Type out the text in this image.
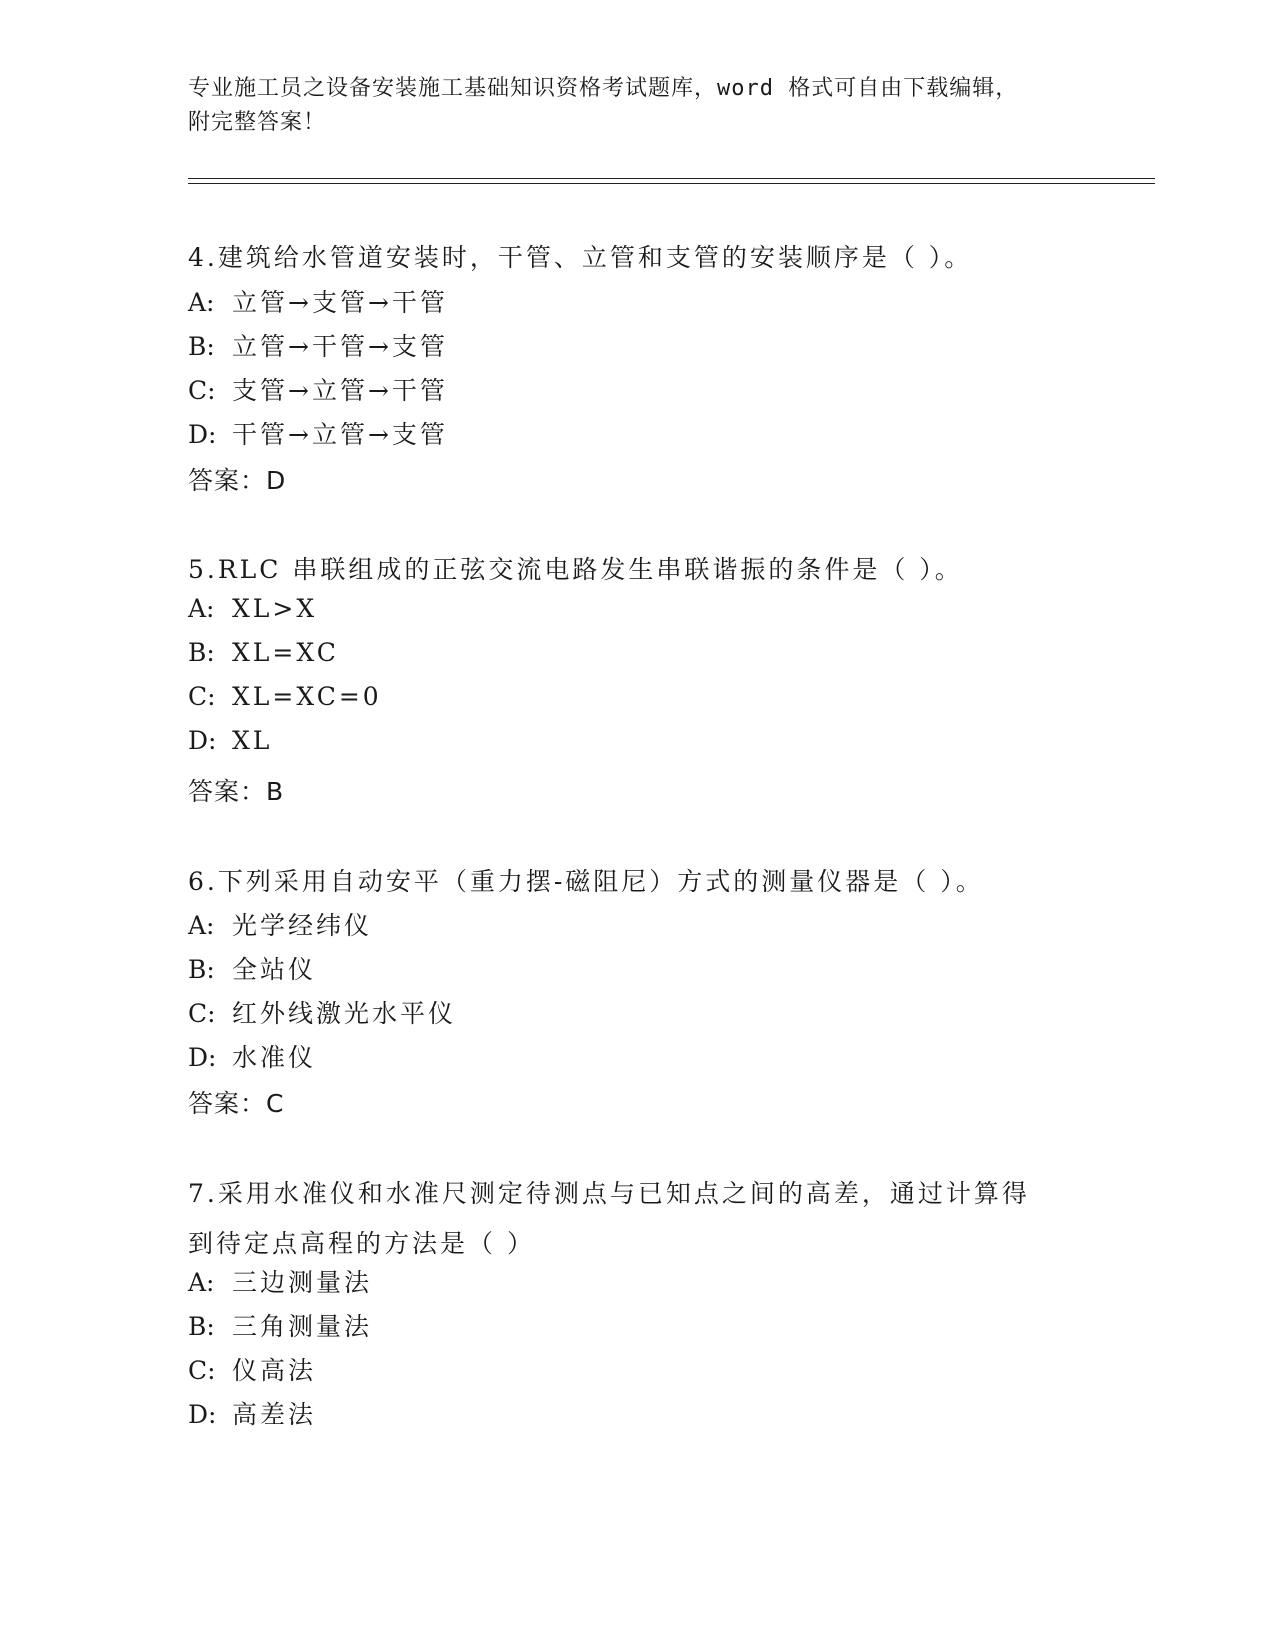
专业施工员之设备安装施工基础知识资格考试题库，word 格式可自由下载编辑，
附完整答案！
4.建筑给水管道安装时，干管、立管和支管的安装顺序是（ ）。
A: 立管→支管→干管
B: 立管→干管→支管
C: 支管→立管→干管
D: 干管→立管→支管
答案：D
5.RLC 串联组成的正弦交流电路发生串联谐振的条件是（ ）。
A: XL>X
B: XL=XC
C: XL=XC=0
D: XL
答案：B
6.下列采用自动安平（重力摆-磁阻尼）方式的测量仪器是（ ）。
A: 光学经纬仪
B: 全站仪
C: 红外线激光水平仪
D: 水准仪
答案：C
7.采用水准仪和水准尺测定待测点与已知点之间的高差，通过计算得
到待定点高程的方法是（ ）
A: 三边测量法
B: 三角测量法
C: 仪高法
D: 高差法
